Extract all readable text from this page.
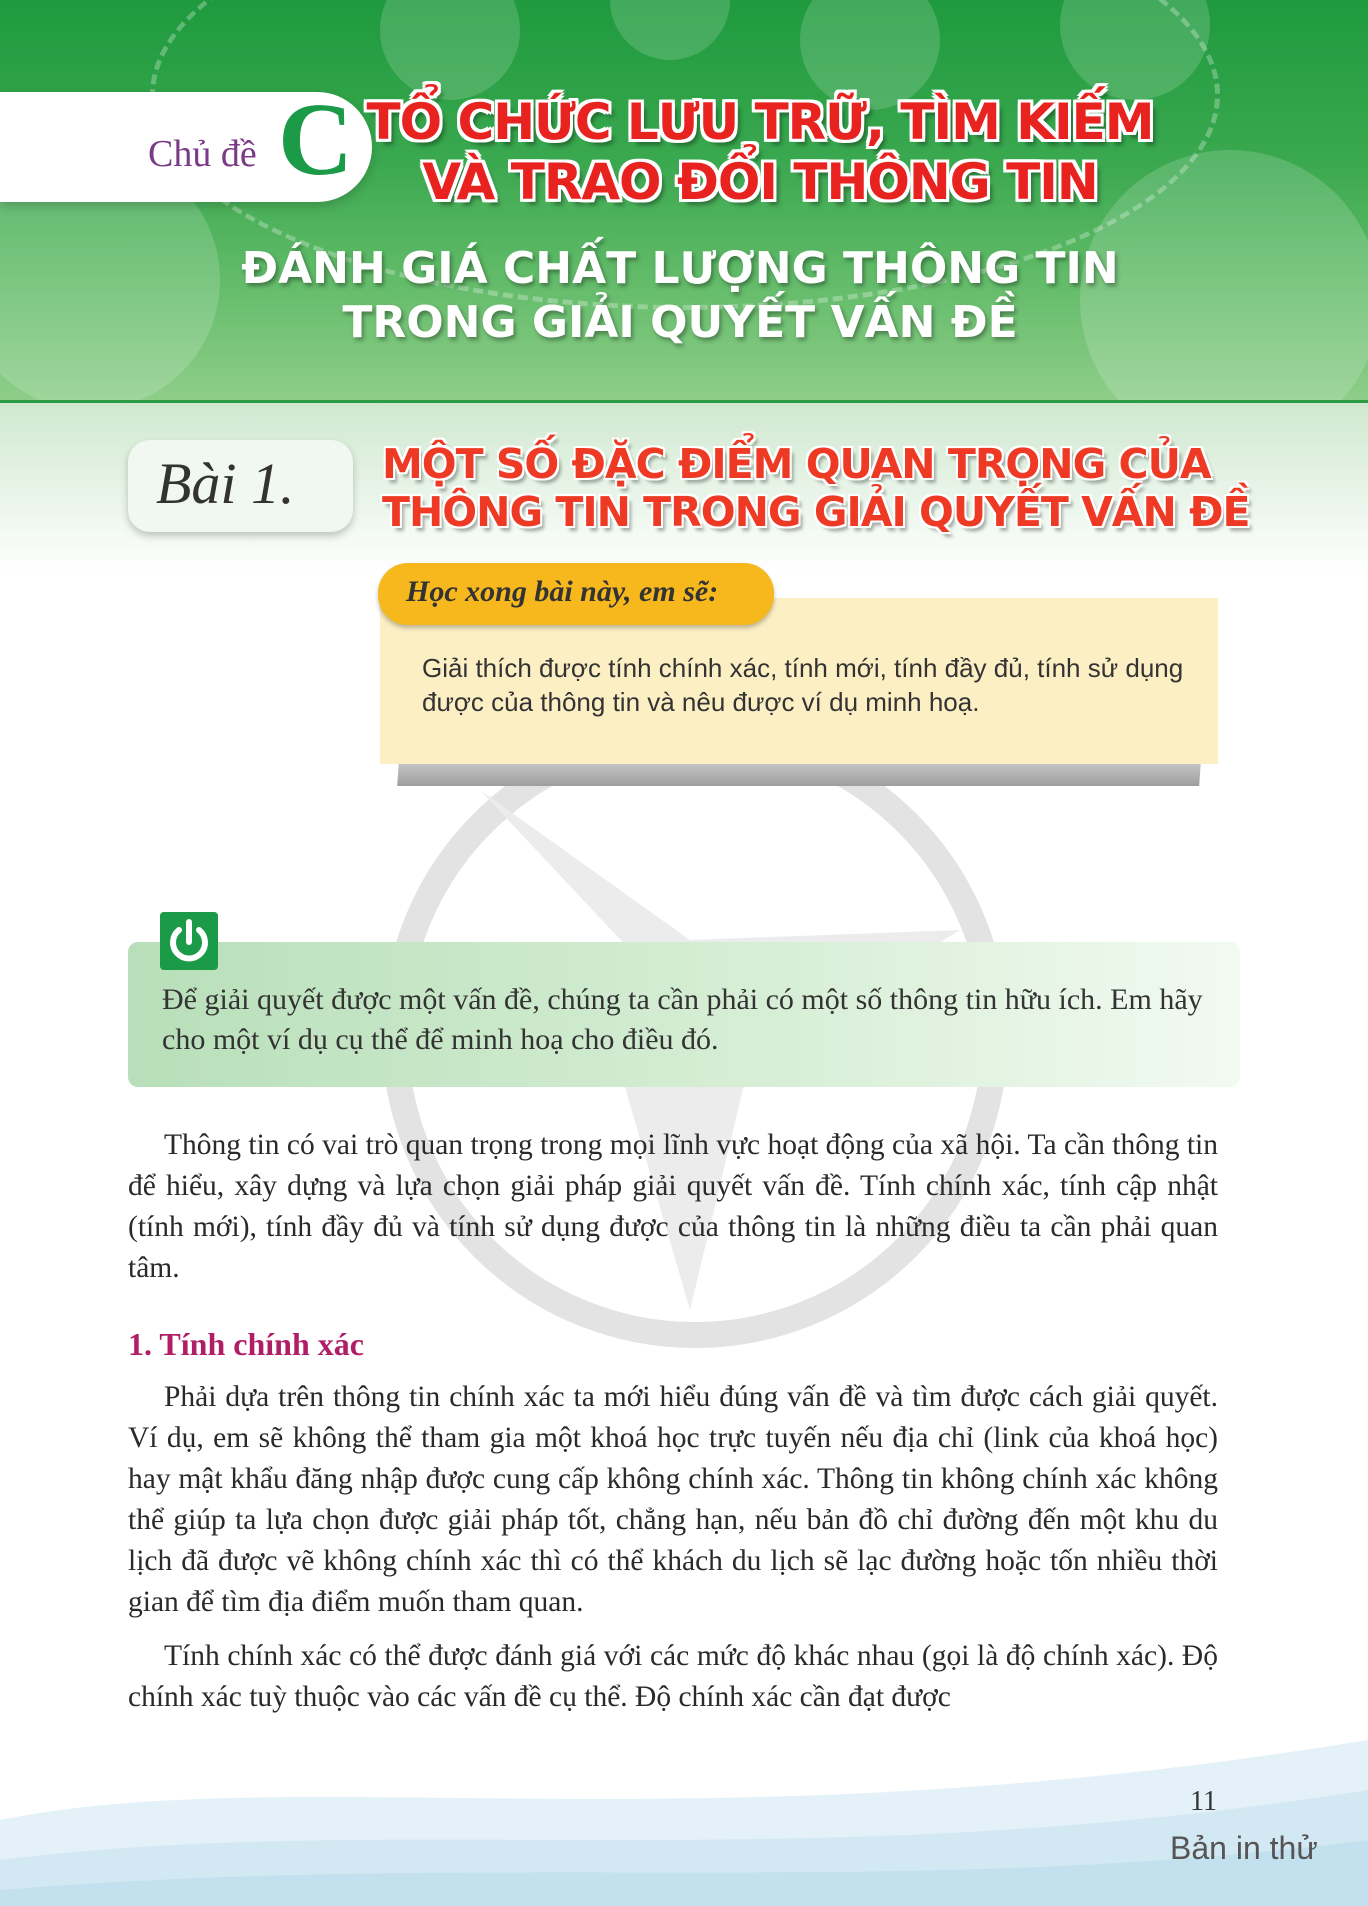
Chủ đề C TỔ CHỨC LƯU TRỮ, TÌM KIẾM
VÀ TRAO ĐỔI THÔNG TIN
ĐÁNH GIÁ CHẤT LƯỢNG THÔNG TIN
TRONG GIẢI QUYẾT VẤN ĐỀ
Bài 1. MỘT SỐ ĐẶC ĐIỂM QUAN TRỌNG CỦA
THÔNG TIN TRONG GIẢI QUYẾT VẤN ĐỀ
Học xong bài này, em sẽ:
Giải thích được tính chính xác, tính mới, tính đầy đủ, tính sử dụng được của thông tin và nêu được ví dụ minh hoạ.
Để giải quyết được một vấn đề, chúng ta cần phải có một số thông tin hữu ích. Em hãy cho một ví dụ cụ thể để minh hoạ cho điều đó.
Thông tin có vai trò quan trọng trong mọi lĩnh vực hoạt động của xã hội. Ta cần thông tin để hiểu, xây dựng và lựa chọn giải pháp giải quyết vấn đề. Tính chính xác, tính cập nhật (tính mới), tính đầy đủ và tính sử dụng được của thông tin là những điều ta cần phải quan tâm.
1. Tính chính xác
Phải dựa trên thông tin chính xác ta mới hiểu đúng vấn đề và tìm được cách giải quyết. Ví dụ, em sẽ không thể tham gia một khoá học trực tuyến nếu địa chỉ (link của khoá học) hay mật khẩu đăng nhập được cung cấp không chính xác. Thông tin không chính xác không thể giúp ta lựa chọn được giải pháp tốt, chẳng hạn, nếu bản đồ chỉ đường đến một khu du lịch đã được vẽ không chính xác thì có thể khách du lịch sẽ lạc đường hoặc tốn nhiều thời gian để tìm địa điểm muốn tham quan.
Tính chính xác có thể được đánh giá với các mức độ khác nhau (gọi là độ chính xác). Độ chính xác tuỳ thuộc vào các vấn đề cụ thể. Độ chính xác cần đạt được
11
Bản in thử
